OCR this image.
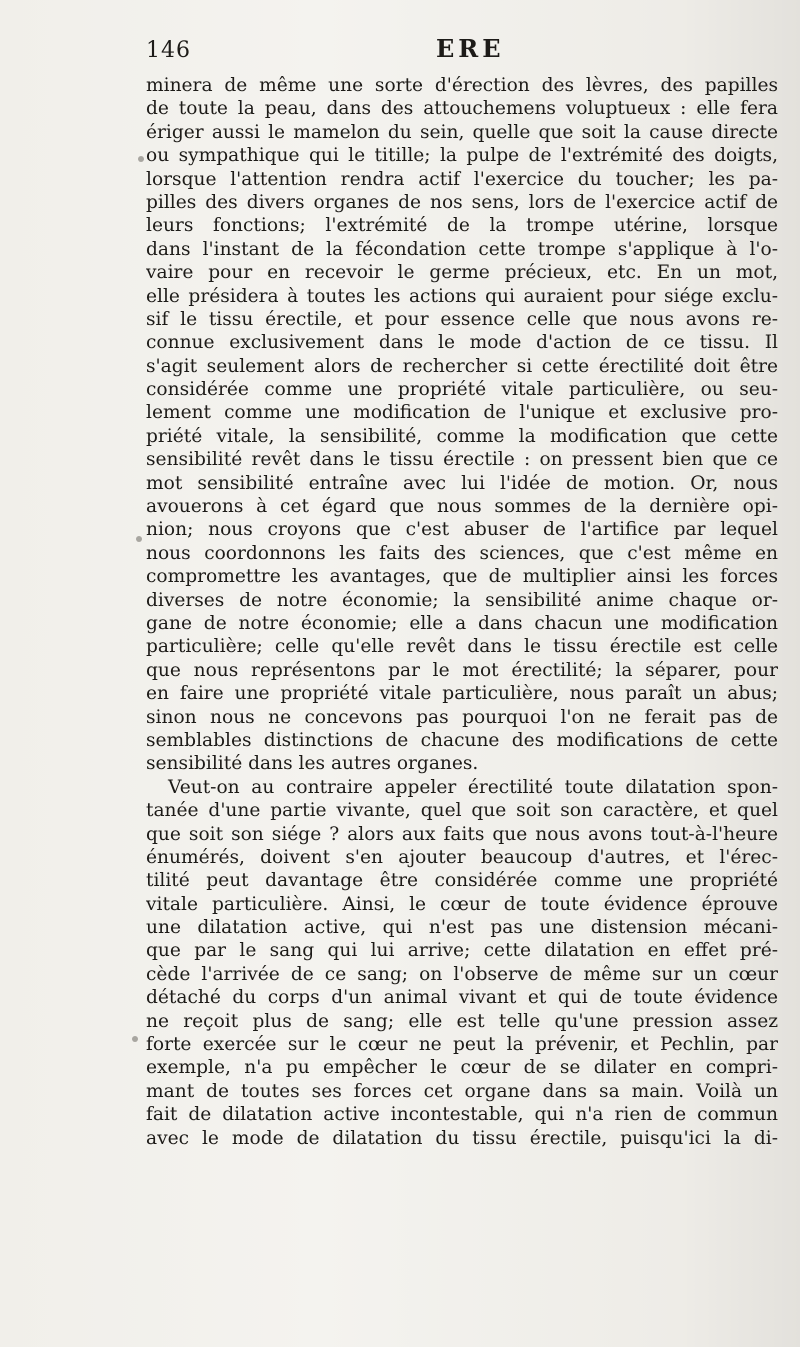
146	ERE
minera de même une sorte d'érection des lèvres, des papilles
de toute la peau, dans des attouchemens voluptueux : elle fera
ériger aussi le mamelon du sein, quelle que soit la cause directe
ou sympathique qui le titille; la pulpe de l'extrémité des doigts,
lorsque l'attention rendra actif l'exercice du toucher; les pa-
pilles des divers organes de nos sens, lors de l'exercice actif de
leurs fonctions; l'extrémité de la trompe utérine, lorsque
dans l'instant de la fécondation cette trompe s'applique à l'o-
vaire pour en recevoir le germe précieux, etc. En un mot,
elle présidera à toutes les actions qui auraient pour siége exclu-
sif le tissu érectile, et pour essence celle que nous avons re-
connue exclusivement dans le mode d'action de ce tissu. Il
s'agit seulement alors de rechercher si cette érectilité doit être
considérée comme une propriété vitale particulière, ou seu-
lement comme une modification de l'unique et exclusive pro-
priété vitale, la sensibilité, comme la modification que cette
sensibilité revêt dans le tissu érectile : on pressent bien que ce
mot sensibilité entraîne avec lui l'idée de motion. Or, nous
avouerons à cet égard que nous sommes de la dernière opi-
nion; nous croyons que c'est abuser de l'artifice par lequel
nous coordonnons les faits des sciences, que c'est même en
compromettre les avantages, que de multiplier ainsi les forces
diverses de notre économie; la sensibilité anime chaque or-
gane de notre économie; elle a dans chacun une modification
particulière; celle qu'elle revêt dans le tissu érectile est celle
que nous représentons par le mot érectilité; la séparer, pour
en faire une propriété vitale particulière, nous paraît un abus;
sinon nous ne concevons pas pourquoi l'on ne ferait pas de
semblables distinctions de chacune des modifications de cette
sensibilité dans les autres organes.
Veut-on au contraire appeler érectilité toute dilatation spon-
tanée d'une partie vivante, quel que soit son caractère, et quel
que soit son siége ? alors aux faits que nous avons tout-à-l'heure
énumérés, doivent s'en ajouter beaucoup d'autres, et l'érec-
tilité peut davantage être considérée comme une propriété
vitale particulière. Ainsi, le cœur de toute évidence éprouve
une dilatation active, qui n'est pas une distension mécani-
que par le sang qui lui arrive; cette dilatation en effet pré-
cède l'arrivée de ce sang; on l'observe de même sur un cœur
détaché du corps d'un animal vivant et qui de toute évidence
ne reçoit plus de sang; elle est telle qu'une pression assez
forte exercée sur le cœur ne peut la prévenir, et Pechlin, par
exemple, n'a pu empêcher le cœur de se dilater en compri-
mant de toutes ses forces cet organe dans sa main. Voilà un
fait de dilatation active incontestable, qui n'a rien de commun
avec le mode de dilatation du tissu érectile, puisqu'ici la di-
